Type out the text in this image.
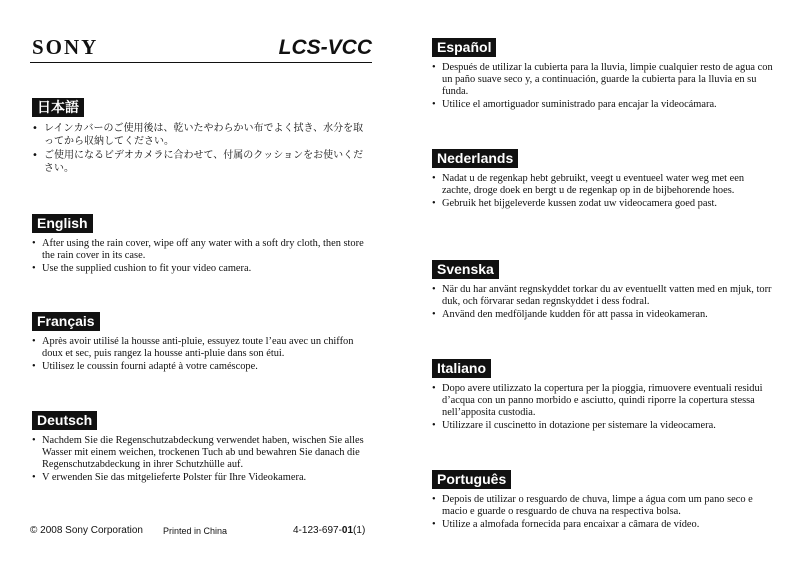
SONY	LCS-VCC
日本語
• レインカバーのご使用後は、乾いたやわらかい布でよく拭き、水分を取ってから収納してください。
• ご使用になるビデオカメラに合わせて、付属のクッションをお使いください。
English
• After using the rain cover, wipe off any water with a soft dry cloth, then store the rain cover in its case.
• Use the supplied cushion to fit your video camera.
Français
• Après avoir utilisé la housse anti-pluie, essuyez toute l’eau avec un chiffon doux et sec, puis rangez la housse anti-pluie dans son étui.
• Utilisez le coussin fourni adapté à votre caméscope.
Deutsch
• Nachdem Sie die Regenschutzabdeckung verwendet haben, wischen Sie alles Wasser mit einem weichen, trockenen Tuch ab und bewahren Sie danach die Regenschutzabdeckung in ihrer Schutzhülle auf.
• V erwenden Sie das mitgelieferte Polster für Ihre Videokamera.
Español
• Después de utilizar la cubierta para la lluvia, limpie cualquier resto de agua con un paño suave seco y, a continuación, guarde la cubierta para la lluvia en su funda.
• Utilice el amortiguador suministrado para encajar la videocámara.
Nederlands
• Nadat u de regenkap hebt gebruikt, veegt u eventueel water weg met een zachte, droge doek en bergt u de regenkap op in de bijbehorende hoes.
• Gebruik het bijgeleverde kussen zodat uw videocamera goed past.
Svenska
• När du har använt regnskyddet torkar du av eventuellt vatten med en mjuk, torr duk, och förvarar sedan regnskyddet i dess fodral.
• Använd den medföljande kudden för att passa in videokameran.
Italiano
• Dopo avere utilizzato la copertura per la pioggia, rimuovere eventuali residui d’acqua con un panno morbido e asciutto, quindi riporre la copertura stessa nell’apposita custodia.
• Utilizzare il cuscinetto in dotazione per sistemare la videocamera.
Português
• Depois de utilizar o resguardo de chuva, limpe a água com um pano seco e macio e guarde o resguardo de chuva na respectiva bolsa.
• Utilize a almofada fornecida para encaixar a câmara de vídeo.
© 2008 Sony Corporation Printed in China	4-123-697-01(1)
